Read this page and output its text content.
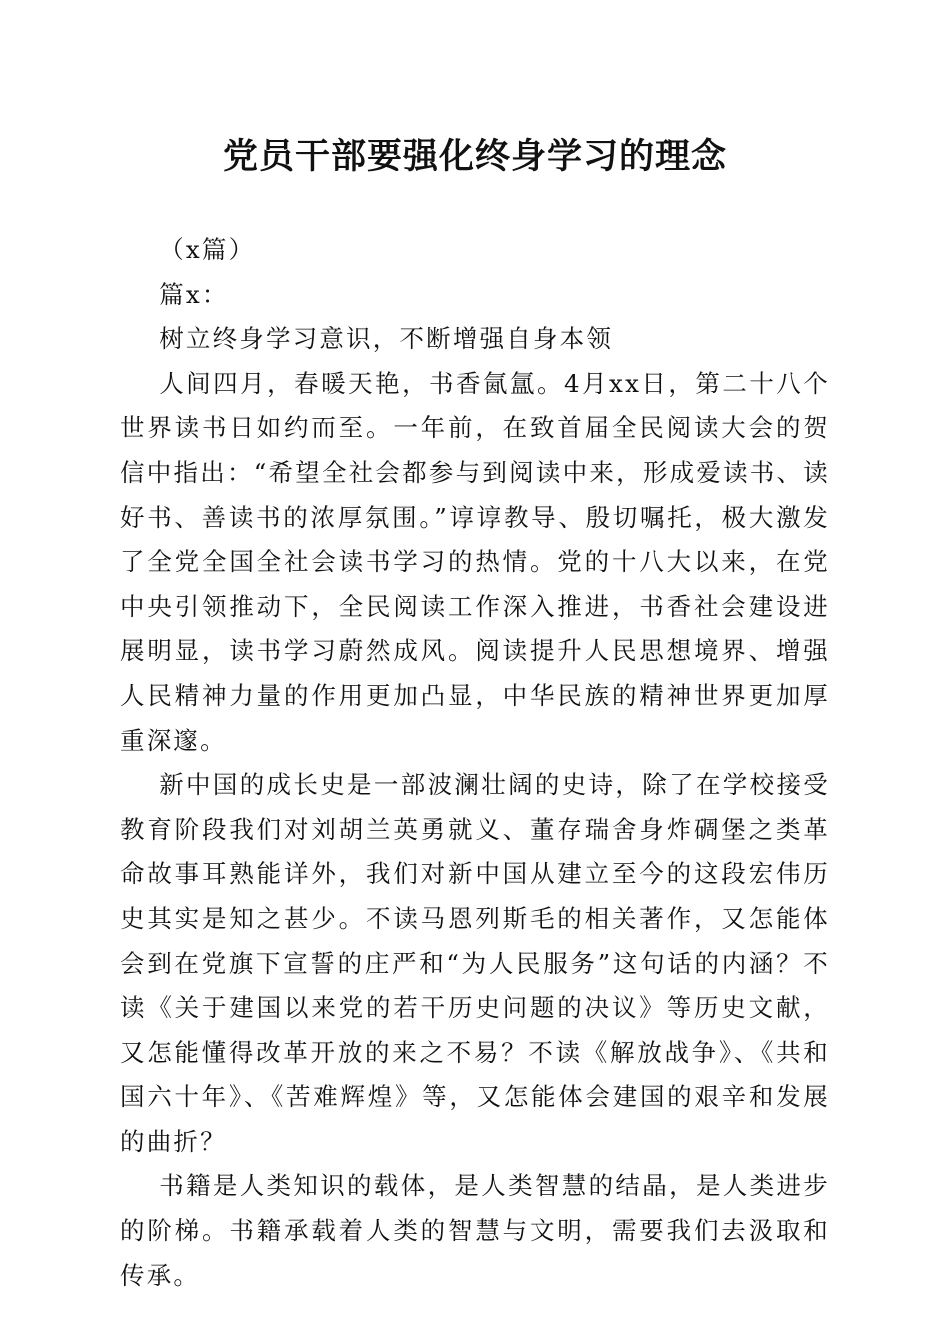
党员干部要强化终身学习的理念

（x篇）

篇x：

树立终身学习意识，不断增强自身本领

人间四月，春暖天艳，书香氤氲。4月xx日，第二十八个世界读书日如约而至。一年前，在致首届全民阅读大会的贺信中指出：“希望全社会都参与到阅读中来，形成爱读书、读好书、善读书的浓厚氛围。”谆谆教导、殷切嘱托，极大激发了全党全国全社会读书学习的热情。党的十八大以来，在党中央引领推动下，全民阅读工作深入推进，书香社会建设进展明显，读书学习蔚然成风。阅读提升人民思想境界、增强人民精神力量的作用更加凸显，中华民族的精神世界更加厚重深邃。

新中国的成长史是一部波澜壮阔的史诗，除了在学校接受教育阶段我们对刘胡兰英勇就义、董存瑞舍身炸碉堡之类革命故事耳熟能详外，我们对新中国从建立至今的这段宏伟历史其实是知之甚少。不读马恩列斯毛的相关著作，又怎能体会到在党旗下宣誓的庄严和“为人民服务”这句话的内涵？不读《关于建国以来党的若干历史问题的决议》等历史文献，又怎能懂得改革开放的来之不易？不读《解放战争》、《共和国六十年》、《苦难辉煌》等，又怎能体会建国的艰辛和发展的曲折？

书籍是人类知识的载体，是人类智慧的结晶，是人类进步的阶梯。书籍承载着人类的智慧与文明，需要我们去汲取和传承。
